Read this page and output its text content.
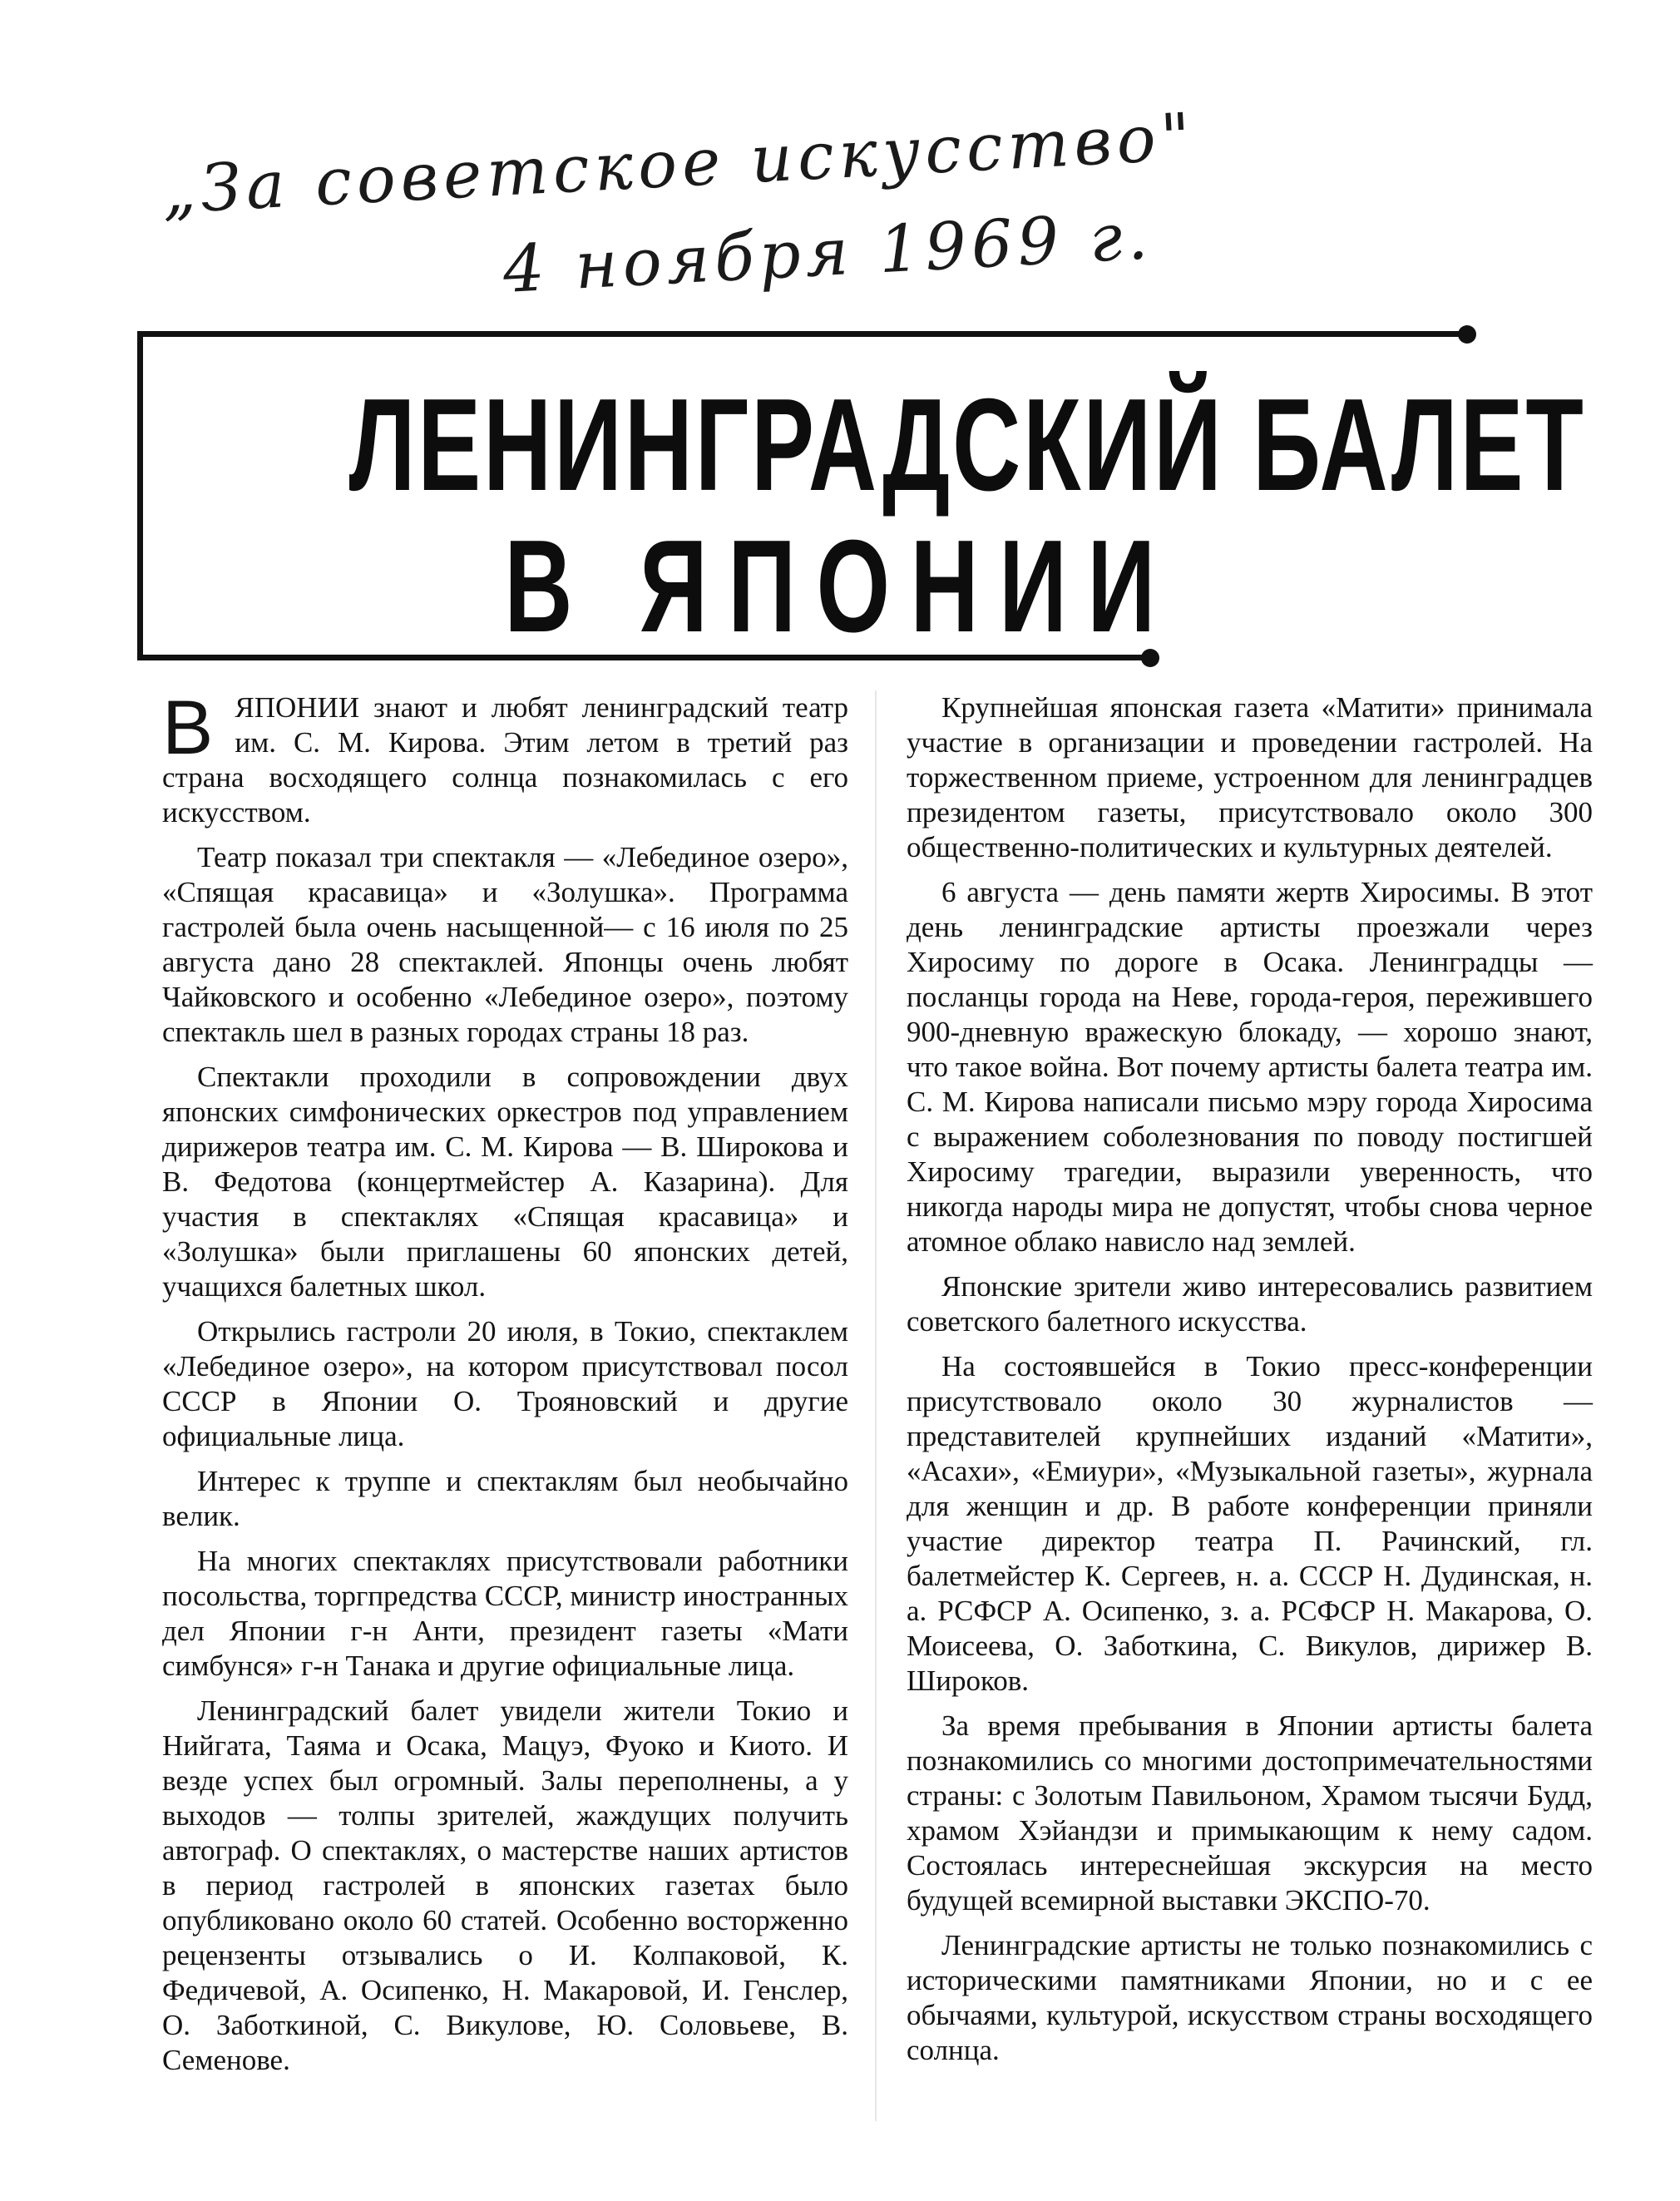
„За советское искусство"
4 ноября 1969 г.
ЛЕНИНГРАДСКИЙ БАЛЕТ
В ЯПОНИИ

ВЯПОНИИ знают и любят ленинградский театр им. С. М. Кирова. Этим летом в третий раз страна восходящего солнца познакомилась с его искусством.

Театр показал три спектакля — «Лебединое озеро», «Спящая красавица» и «Золушка». Программа гастролей была очень насыщенной— с 16 июля по 25 августа дано 28 спектаклей. Японцы очень любят Чайковского и особенно «Лебединое озеро», поэтому спектакль шел в разных городах страны 18 раз.

Спектакли проходили в сопровождении двух японских симфонических оркестров под управлением дирижеров театра им. С. М. Кирова — В. Широкова и В. Федотова (концертмейстер А. Казарина). Для участия в спектаклях «Спящая красавица» и «Золушка» были приглашены 60 японских детей, учащихся балетных школ.

Открылись гастроли 20 июля, в Токио, спектаклем «Лебединое озеро», на котором присутствовал посол СССР в Японии О. Трояновский и другие официальные лица.

Интерес к труппе и спектаклям был необычайно велик.

На многих спектаклях присутствовали работники посольства, торгпредства СССР, министр иностранных дел Японии г-н Анти, президент газеты «Мати симбунся» г-н Танака и другие официальные лица.

Ленинградский балет увидели жители Токио и Нийгата, Таяма и Осака, Мацуэ, Фуоко и Киото. И везде успех был огромный. Залы переполнены, а у выходов — толпы зрителей, жаждущих получить автограф. О спектаклях, о мастерстве наших артистов в период гастролей в японских газетах было опубликовано около 60 статей. Особенно восторженно рецензенты отзывались о И. Колпаковой, К. Федичевой, А. Осипенко, Н. Макаровой, И. Генслер, О. Заботкиной, С. Викулове, Ю. Соловьеве, В. Семенове.

Крупнейшая японская газета «Матити» принимала участие в организации и проведении гастролей. На торжественном приеме, устроенном для ленинградцев президентом газеты, присутствовало около 300 общественно-политических и культурных деятелей.

6 августа — день памяти жертв Хиросимы. В этот день ленинградские артисты проезжали через Хиросиму по дороге в Осака. Ленинградцы — посланцы города на Неве, города-героя, пережившего 900-дневную вражескую блокаду, — хорошо знают, что такое война. Вот почему артисты балета театра им. С. М. Кирова написали письмо мэру города Хиросима с выражением соболезнования по поводу постигшей Хиросиму трагедии, выразили уверенность, что никогда народы мира не допустят, чтобы снова черное атомное облако нависло над землей.

Японские зрители живо интересовались развитием советского балетного искусства.

На состоявшейся в Токио пресс-конференции присутствовало около 30 журналистов — представителей крупнейших изданий «Матити», «Асахи», «Емиури», «Музыкальной газеты», журнала для женщин и др. В работе конференции приняли участие директор театра П. Рачинский, гл. балетмейстер К. Сергеев, н. а. СССР Н. Дудинская, н. а. РСФСР А. Осипенко, з. а. РСФСР Н. Макарова, О. Моисеева, О. Заботкина, С. Викулов, дирижер В. Широков.

За время пребывания в Японии артисты балета познакомились со многими достопримечательностями страны: с Золотым Павильоном, Храмом тысячи Будд, храмом Хэйандзи и примыкающим к нему садом. Состоялась интереснейшая экскурсия на место будущей всемирной выставки ЭКСПО-70.

Ленинградские артисты не только познакомились с историческими памятниками Японии, но и с ее обычаями, культурой, искусством страны восходящего солнца.
